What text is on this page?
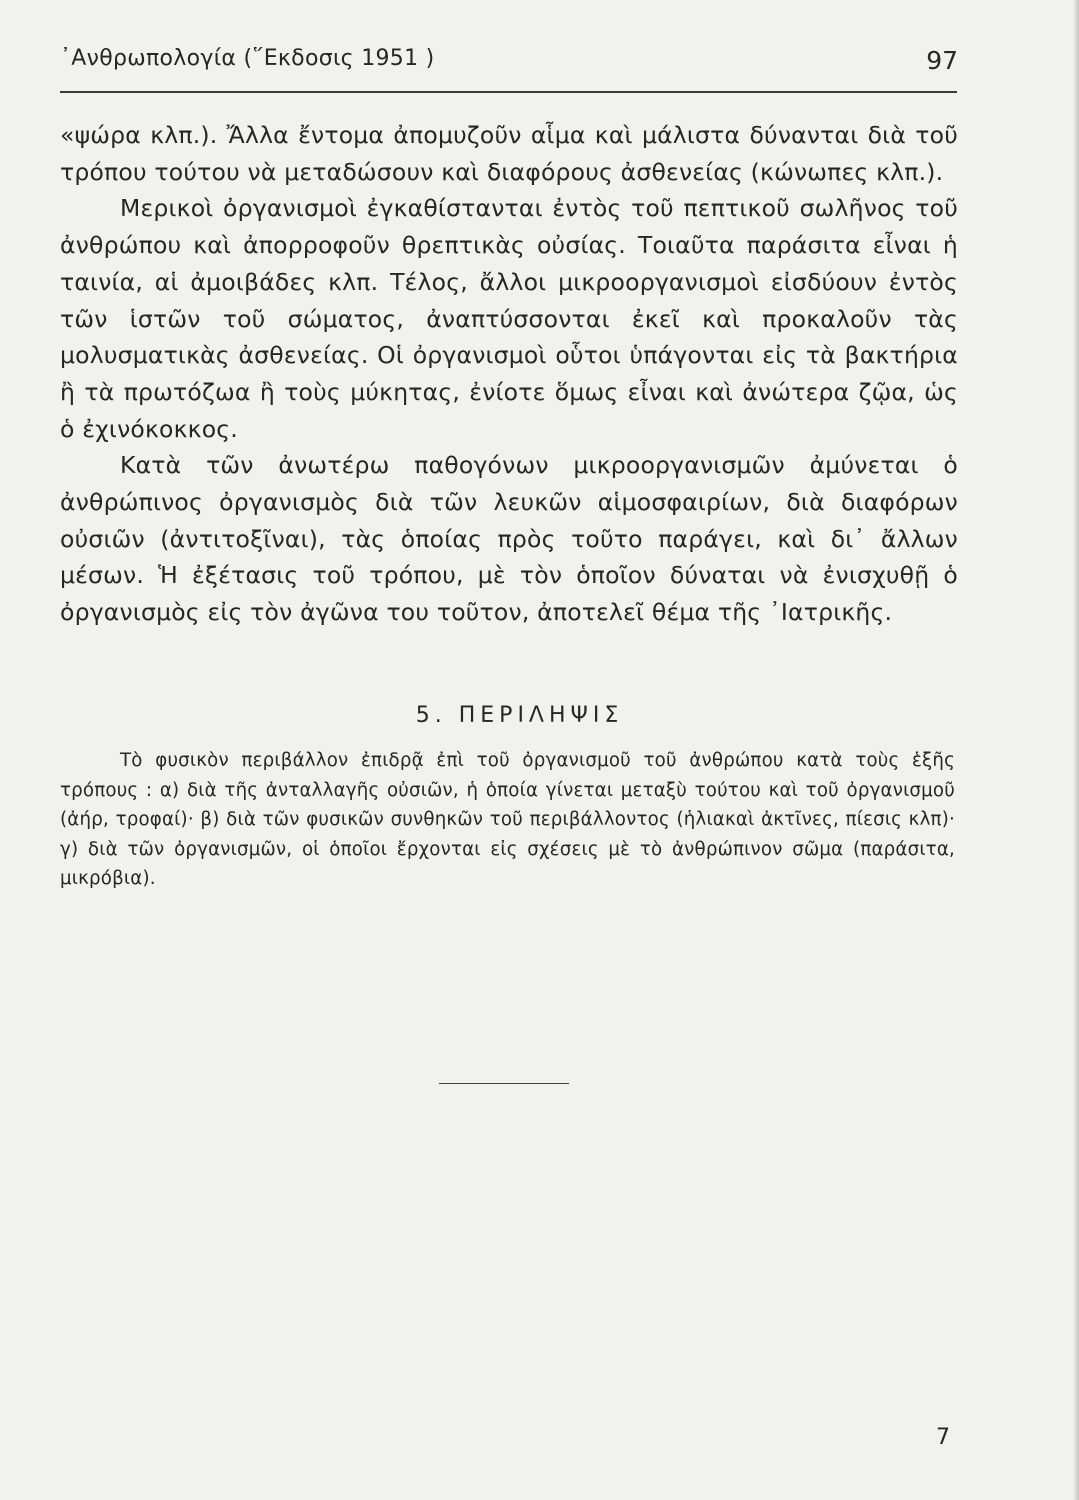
᾿Ανθρωπολογία (῞Εκδοσις 1951 )	97

«ψώρα κλπ.). Ἄλλα ἔντομα ἀπομυζοῦν αἷμα καὶ μάλιστα δύνανται διὰ τοῦ τρόπου τούτου νὰ μεταδώσουν καὶ διαφόρους ἀσθενείας (κώνωπες κλπ.).

Μερικοὶ ὀργανισμοὶ ἐγκαθίστανται ἐντὸς τοῦ πεπτικοῦ σωλῆνος τοῦ ἀνθρώπου καὶ ἀπορροφοῦν θρεπτικὰς οὐσίας. Τοιαῦτα παράσιτα εἶναι ἡ ταινία, αἱ ἀμοιβάδες κλπ. Τέλος, ἄλλοι μικροοργανισμοὶ εἰσδύουν ἐντὸς τῶν ἱστῶν τοῦ σώματος, ἀναπτύσσονται ἐκεῖ καὶ προκαλοῦν τὰς μολυσματικὰς ἀσθενείας. Οἱ ὀργανισμοὶ οὗτοι ὑπάγονται εἰς τὰ βακτήρια ἢ τὰ πρωτόζωα ἢ τοὺς μύκητας, ἐνίοτε ὅμως εἶναι καὶ ἀνώτερα ζῷα, ὡς ὁ ἐχινόκοκκος.

Κατὰ τῶν ἀνωτέρω παθογόνων μικροοργανισμῶν ἀμύνεται ὁ ἀνθρώπινος ὀργανισμὸς διὰ τῶν λευκῶν αἱμοσφαιρίων, διὰ διαφόρων οὐσιῶν (ἀντιτοξῖναι), τὰς ὁποίας πρὸς τοῦτο παράγει, καὶ δι᾿ ἄλλων μέσων. Ἡ ἐξέτασις τοῦ τρόπου, μὲ τὸν ὁποῖον δύναται νὰ ἐνισχυθῇ ὁ ὀργανισμὸς εἰς τὸν ἀγῶνα του τοῦτον, ἀποτελεῖ θέμα τῆς ᾿Ιατρικῆς.

5. ΠΕΡΙΛΗΨΙΣ
Τὸ φυσικὸν περιβάλλον ἐπιδρᾷ ἐπὶ τοῦ ὀργανισμοῦ τοῦ ἀνθρώπου κατὰ τοὺς ἑξῆς τρόπους : α) διὰ τῆς ἀνταλλαγῆς οὐσιῶν, ἡ ὁποία γίνεται μεταξὺ τούτου καὶ τοῦ ὀργανισμοῦ (ἀήρ, τροφαί)· β) διὰ τῶν φυσικῶν συνθηκῶν τοῦ περιβάλλοντος (ἡλιακαὶ ἀκτῖνες, πίεσις κλπ)· γ) διὰ τῶν ὀργανισμῶν, οἱ ὁποῖοι ἔρχονται εἰς σχέσεις μὲ τὸ ἀνθρώπινον σῶμα (παράσιτα, μικρόβια).
7
